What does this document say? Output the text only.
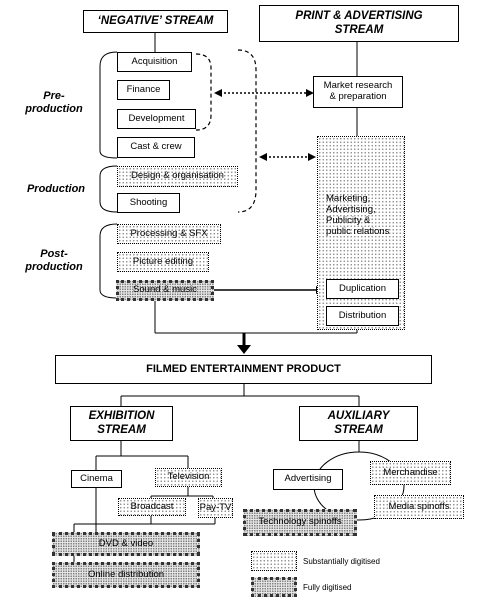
‘NEGATIVE’ STREAM	PRINT & ADVERTISING
STREAM
Pre-
production
Production
Post-
production
Acquisition
Finance
Development
Cast & crew
Design & organisation
Shooting
Processing & SFX
Picture editing
Sound & music
Market research
& preparation
Marketing,
Advertising,
Publicity &
public relations
Duplication
Distribution
FILMED ENTERTAINMENT PRODUCT
EXHIBITION
STREAM
AUXILIARY
STREAM
Cinema	Television
Broadcast	Pay-TV
DVD & video
Online distribution
Advertising
Merchandise
Media spinoffs
Technology spinoffs
Substantially digitised
Fully digitised
